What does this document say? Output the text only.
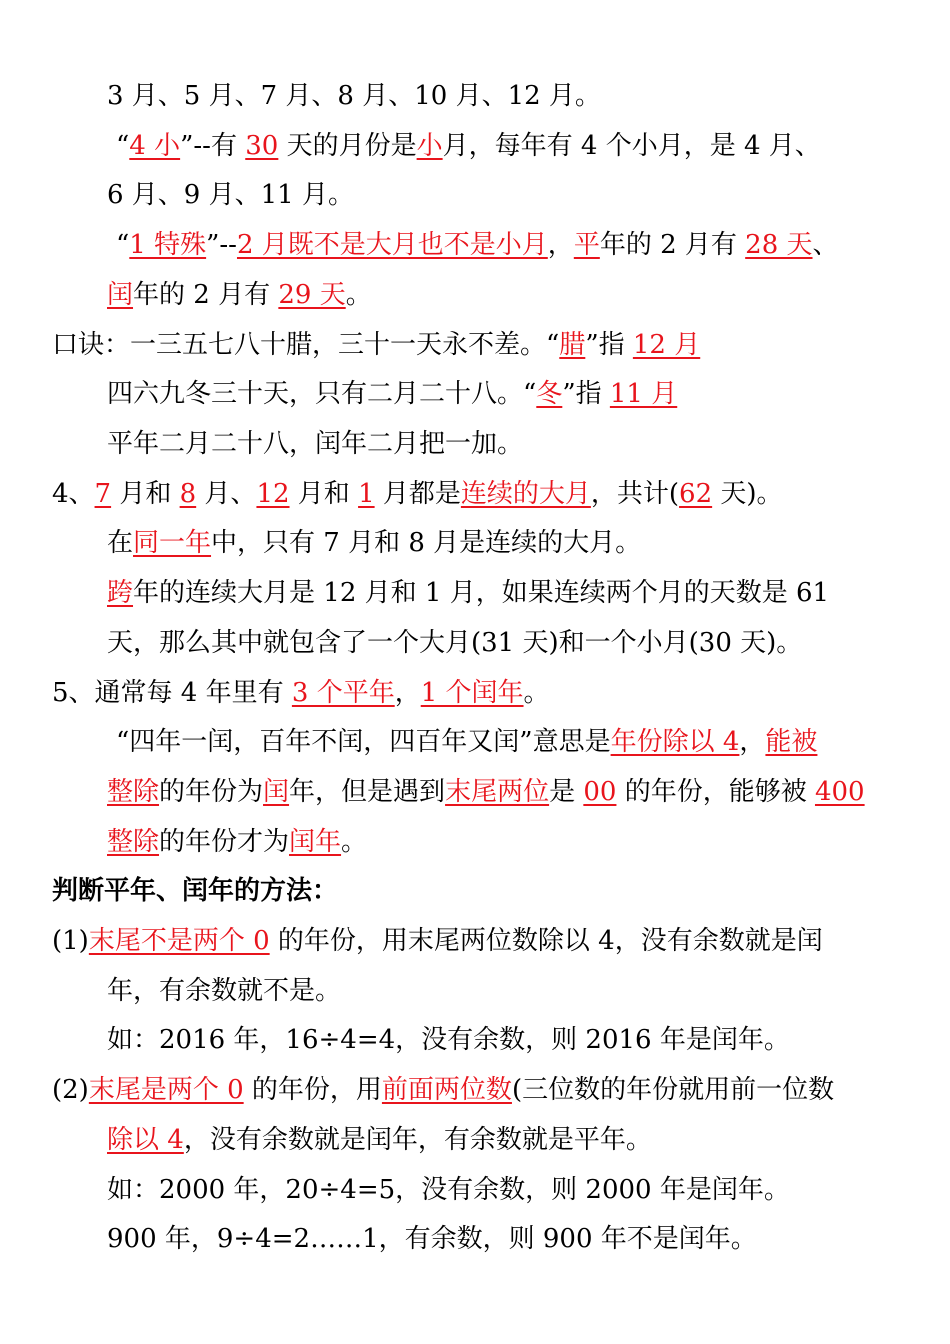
3 月、5 月、7 月、8 月、10 月、12 月。
“4 小”--有 30 天的月份是小月，每年有 4 个小月，是 4 月、
6 月、9 月、11 月。
“1 特殊”--2 月既不是大月也不是小月，平年的 2 月有 28 天、
闰年的 2 月有 29 天。
口诀：一三五七八十腊，三十一天永不差。“腊”指 12 月
四六九冬三十天，只有二月二十八。“冬”指 11 月
平年二月二十八，闰年二月把一加。
4、7 月和 8 月、12 月和 1 月都是连续的大月，共计(62 天)。
在同一年中，只有 7 月和 8 月是连续的大月。
跨年的连续大月是 12 月和 1 月，如果连续两个月的天数是 61
天，那么其中就包含了一个大月(31 天)和一个小月(30 天)。
5、通常每 4 年里有 3 个平年，1 个闰年。
“四年一闰，百年不闰，四百年又闰”意思是年份除以 4，能被
整除的年份为闰年，但是遇到末尾两位是 00 的年份，能够被 400
整除的年份才为闰年。
判断平年、闰年的方法：
(1)末尾不是两个 0 的年份，用末尾两位数除以 4，没有余数就是闰
年，有余数就不是。
如：2016 年，16÷4=4，没有余数，则 2016 年是闰年。
(2)末尾是两个 0 的年份，用前面两位数(三位数的年份就用前一位数
除以 4，没有余数就是闰年，有余数就是平年。
如：2000 年，20÷4=5，没有余数，则 2000 年是闰年。
900 年，9÷4=2……1，有余数，则 900 年不是闰年。
